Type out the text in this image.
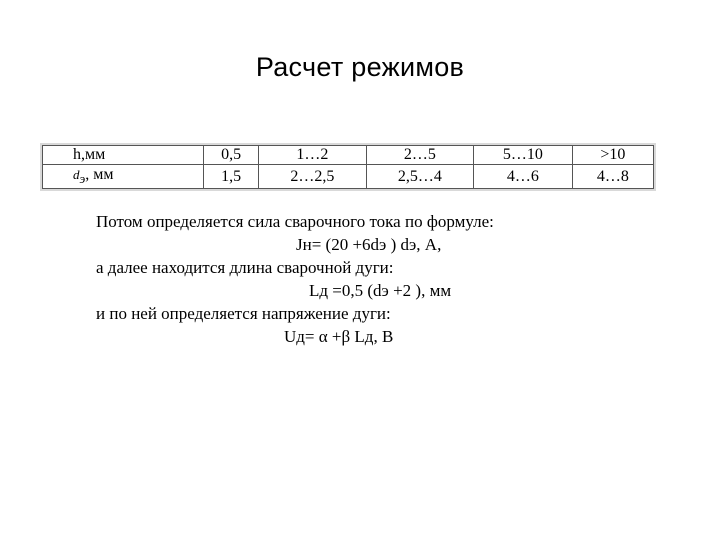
Расчет режимов
h,мм	0,5	1…2	2…5	5…10	>10
$d_э$, мм	1,5	2…2,5	2,5…4	4…6	4…8
Потом определяется сила сварочного тока по формуле:
Jн= (20 +6dэ ) dэ, А,
а далее находится длина сварочной дуги:
Lд =0,5 (dэ +2 ), мм
и по ней определяется напряжение дуги:
Uд= α +β Lд, В
